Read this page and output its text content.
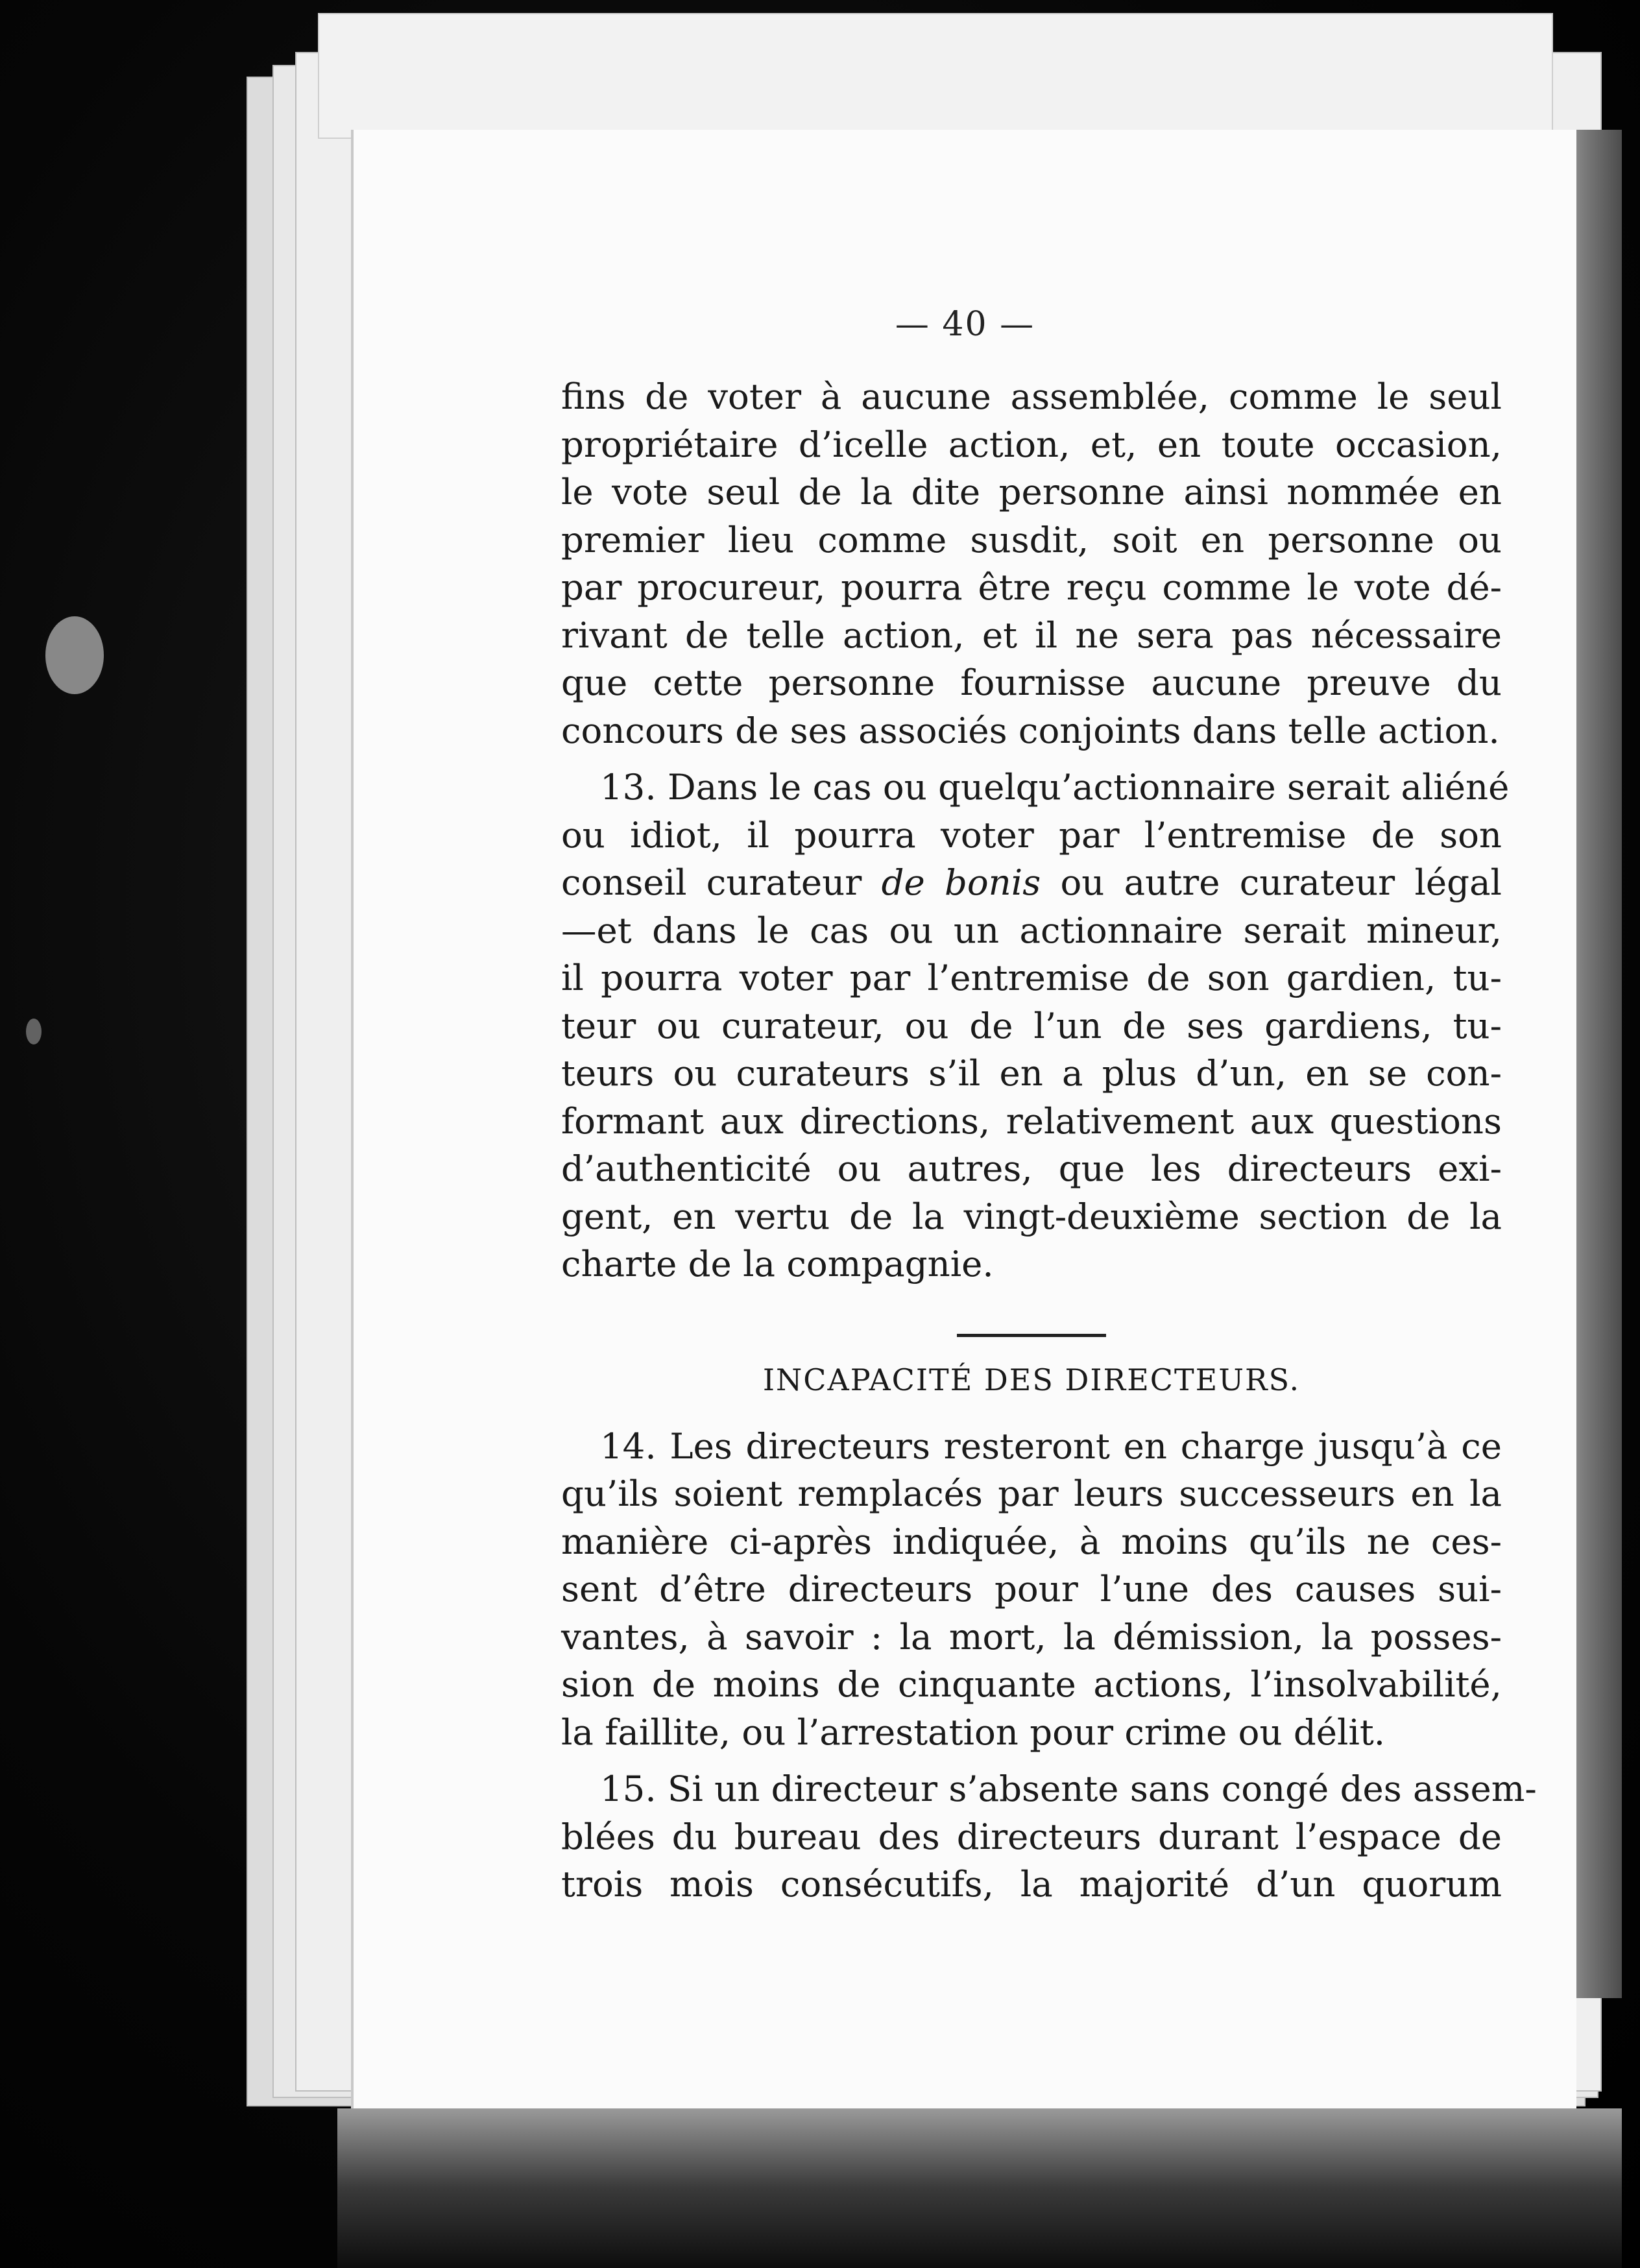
— 40 —
fins de voter à aucune assemblée, comme le seul
propriétaire d’icelle action, et, en toute occasion,
le vote seul de la dite personne ainsi nommée en
premier lieu comme susdit, soit en personne ou
par procureur, pourra être reçu comme le vote dé-
rivant de telle action, et il ne sera pas nécessaire
que cette personne fournisse aucune preuve du
concours de ses associés conjoints dans telle action.
13. Dans le cas ou quelqu’actionnaire serait aliéné
ou idiot, il pourra voter par l’entremise de son
conseil curateur de bonis ou autre curateur légal
—et dans le cas ou un actionnaire serait mineur,
il pourra voter par l’entremise de son gardien, tu-
teur ou curateur, ou de l’un de ses gardiens, tu-
teurs ou curateurs s’il en a plus d’un, en se con-
formant aux directions, relativement aux questions
d’authenticité ou autres, que les directeurs exi-
gent, en vertu de la vingt-deuxième section de la
charte de la compagnie.
INCAPACITÉ DES DIRECTEURS.
14. Les directeurs resteront en charge jusqu’à ce
qu’ils soient remplacés par leurs successeurs en la
manière ci-après indiquée, à moins qu’ils ne ces-
sent d’être directeurs pour l’une des causes sui-
vantes, à savoir : la mort, la démission, la posses-
sion de moins de cinquante actions, l’insolvabilité,
la faillite, ou l’arrestation pour crime ou délit.
15. Si un directeur s’absente sans congé des assem-
blées du bureau des directeurs durant l’espace de
trois mois consécutifs, la majorité d’un quorum
